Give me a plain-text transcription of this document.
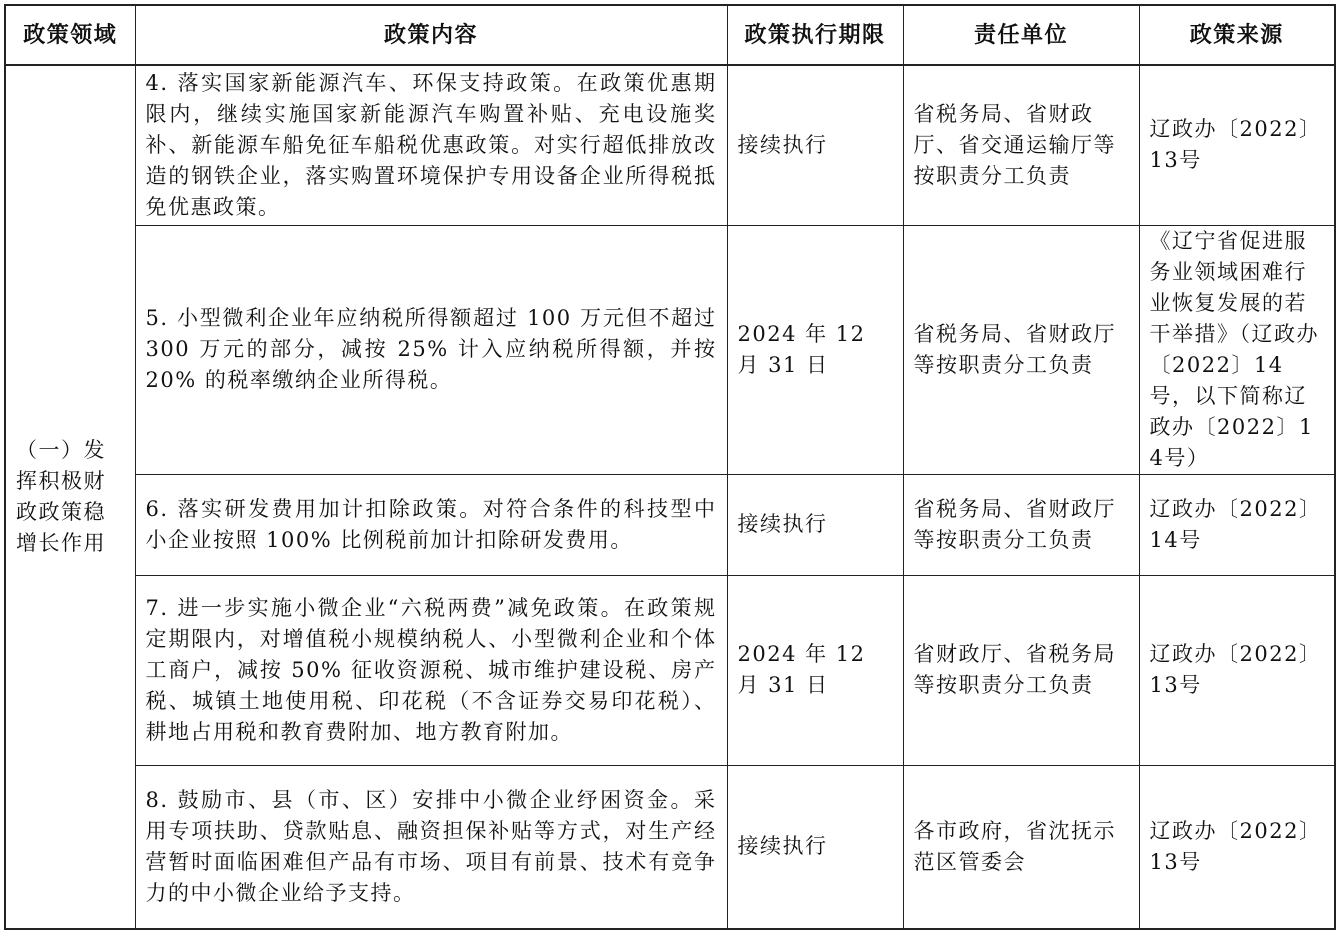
政策领域	政策内容	政策执行期限	责任单位	政策来源
（一）发挥积极财政政策稳增长作用	4. 落实国家新能源汽车、环保支持政策。在政策优惠期限内，继续实施国家新能源汽车购置补贴、充电设施奖补、新能源车船免征车船税优惠政策。对实行超低排放改造的钢铁企业，落实购置环境保护专用设备企业所得税抵免优惠政策。	接续执行	省税务局、省财政厅、省交通运输厅等按职责分工负责	辽政办〔2022〕13号
	5. 小型微利企业年应纳税所得额超过 100 万元但不超过 300 万元的部分，减按 25% 计入应纳税所得额，并按 20% 的税率缴纳企业所得税。	2024 年 12 月 31 日	省税务局、省财政厅等按职责分工负责	《辽宁省促进服务业领域困难行业恢复发展的若干举措》（辽政办〔2022〕14号，以下简称辽政办〔2022〕14号）
	6. 落实研发费用加计扣除政策。对符合条件的科技型中小企业按照 100% 比例税前加计扣除研发费用。	接续执行	省税务局、省财政厅等按职责分工负责	辽政办〔2022〕14号
	7. 进一步实施小微企业“六税两费”减免政策。在政策规定期限内，对增值税小规模纳税人、小型微利企业和个体工商户，减按 50% 征收资源税、城市维护建设税、房产税、城镇土地使用税、印花税（不含证券交易印花税）、耕地占用税和教育费附加、地方教育附加。	2024 年 12 月 31 日	省财政厅、省税务局等按职责分工负责	辽政办〔2022〕13号
	8. 鼓励市、县（市、区）安排中小微企业纾困资金。采用专项扶助、贷款贴息、融资担保补贴等方式，对生产经营暂时面临困难但产品有市场、项目有前景、技术有竞争力的中小微企业给予支持。	接续执行	各市政府，省沈抚示范区管委会	辽政办〔2022〕13号
